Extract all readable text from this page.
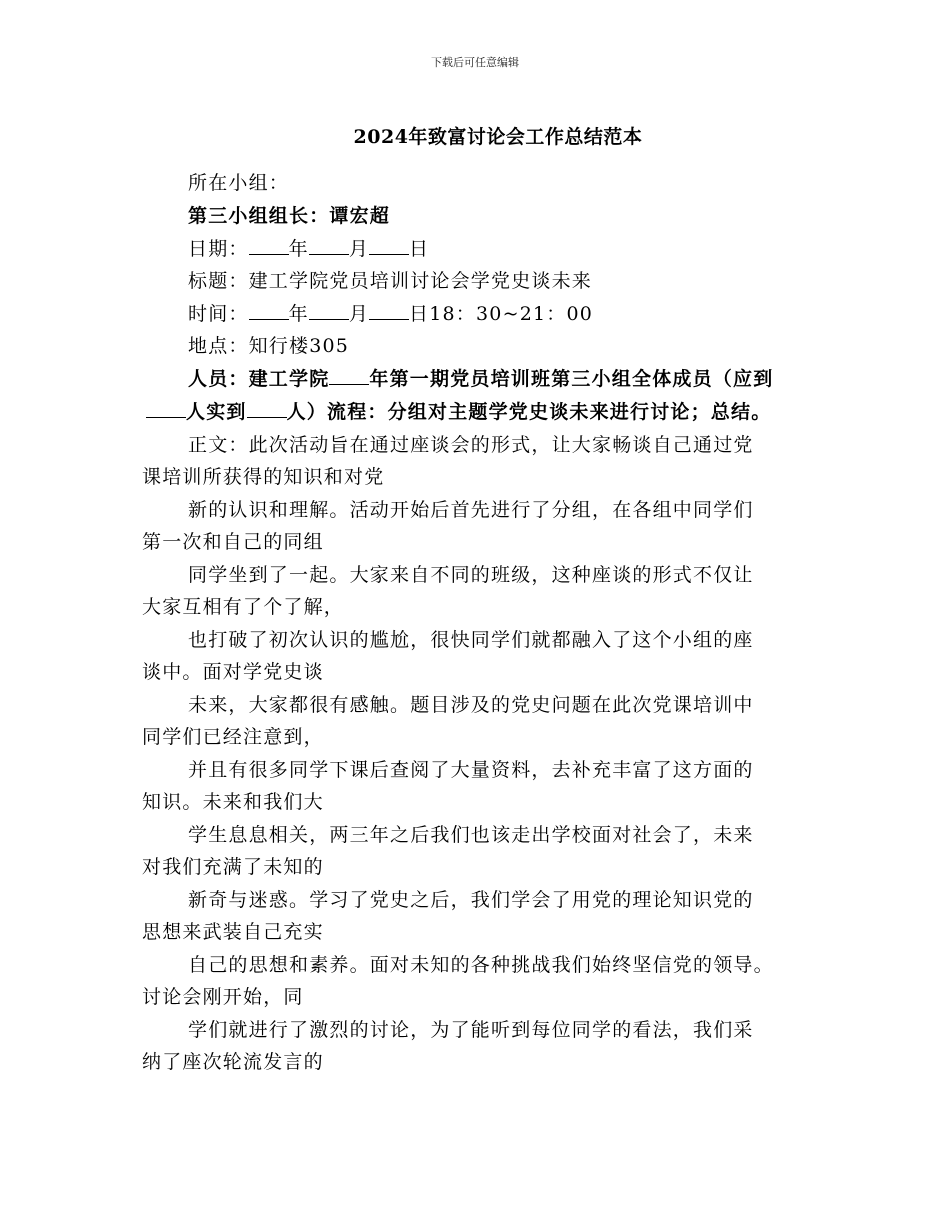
下载后可任意编辑
2024年致富讨论会工作总结范本
所在小组：
第三小组组长：谭宏超
日期： 年 月 日
标题：建工学院党员培训讨论会学党史谈未来
时间： 年 月 日18：30~21：00
地点：知行楼305
人员：建工学院 年第一期党员培训班第三小组全体成员（应到
人实到 人）流程：分组对主题学党史谈未来进行讨论；总结。
正文：此次活动旨在通过座谈会的形式，让大家畅谈自己通过党
课培训所获得的知识和对党
新的认识和理解。活动开始后首先进行了分组，在各组中同学们
第一次和自己的同组
同学坐到了一起。大家来自不同的班级，这种座谈的形式不仅让
大家互相有了个了解，
也打破了初次认识的尴尬，很快同学们就都融入了这个小组的座
谈中。面对学党史谈
未来，大家都很有感触。题目涉及的党史问题在此次党课培训中
同学们已经注意到，
并且有很多同学下课后查阅了大量资料，去补充丰富了这方面的
知识。未来和我们大
学生息息相关，两三年之后我们也该走出学校面对社会了，未来
对我们充满了未知的
新奇与迷惑。学习了党史之后，我们学会了用党的理论知识党的
思想来武装自己充实
自己的思想和素养。面对未知的各种挑战我们始终坚信党的领导。
讨论会刚开始，同
学们就进行了激烈的讨论，为了能听到每位同学的看法，我们采
纳了座次轮流发言的
